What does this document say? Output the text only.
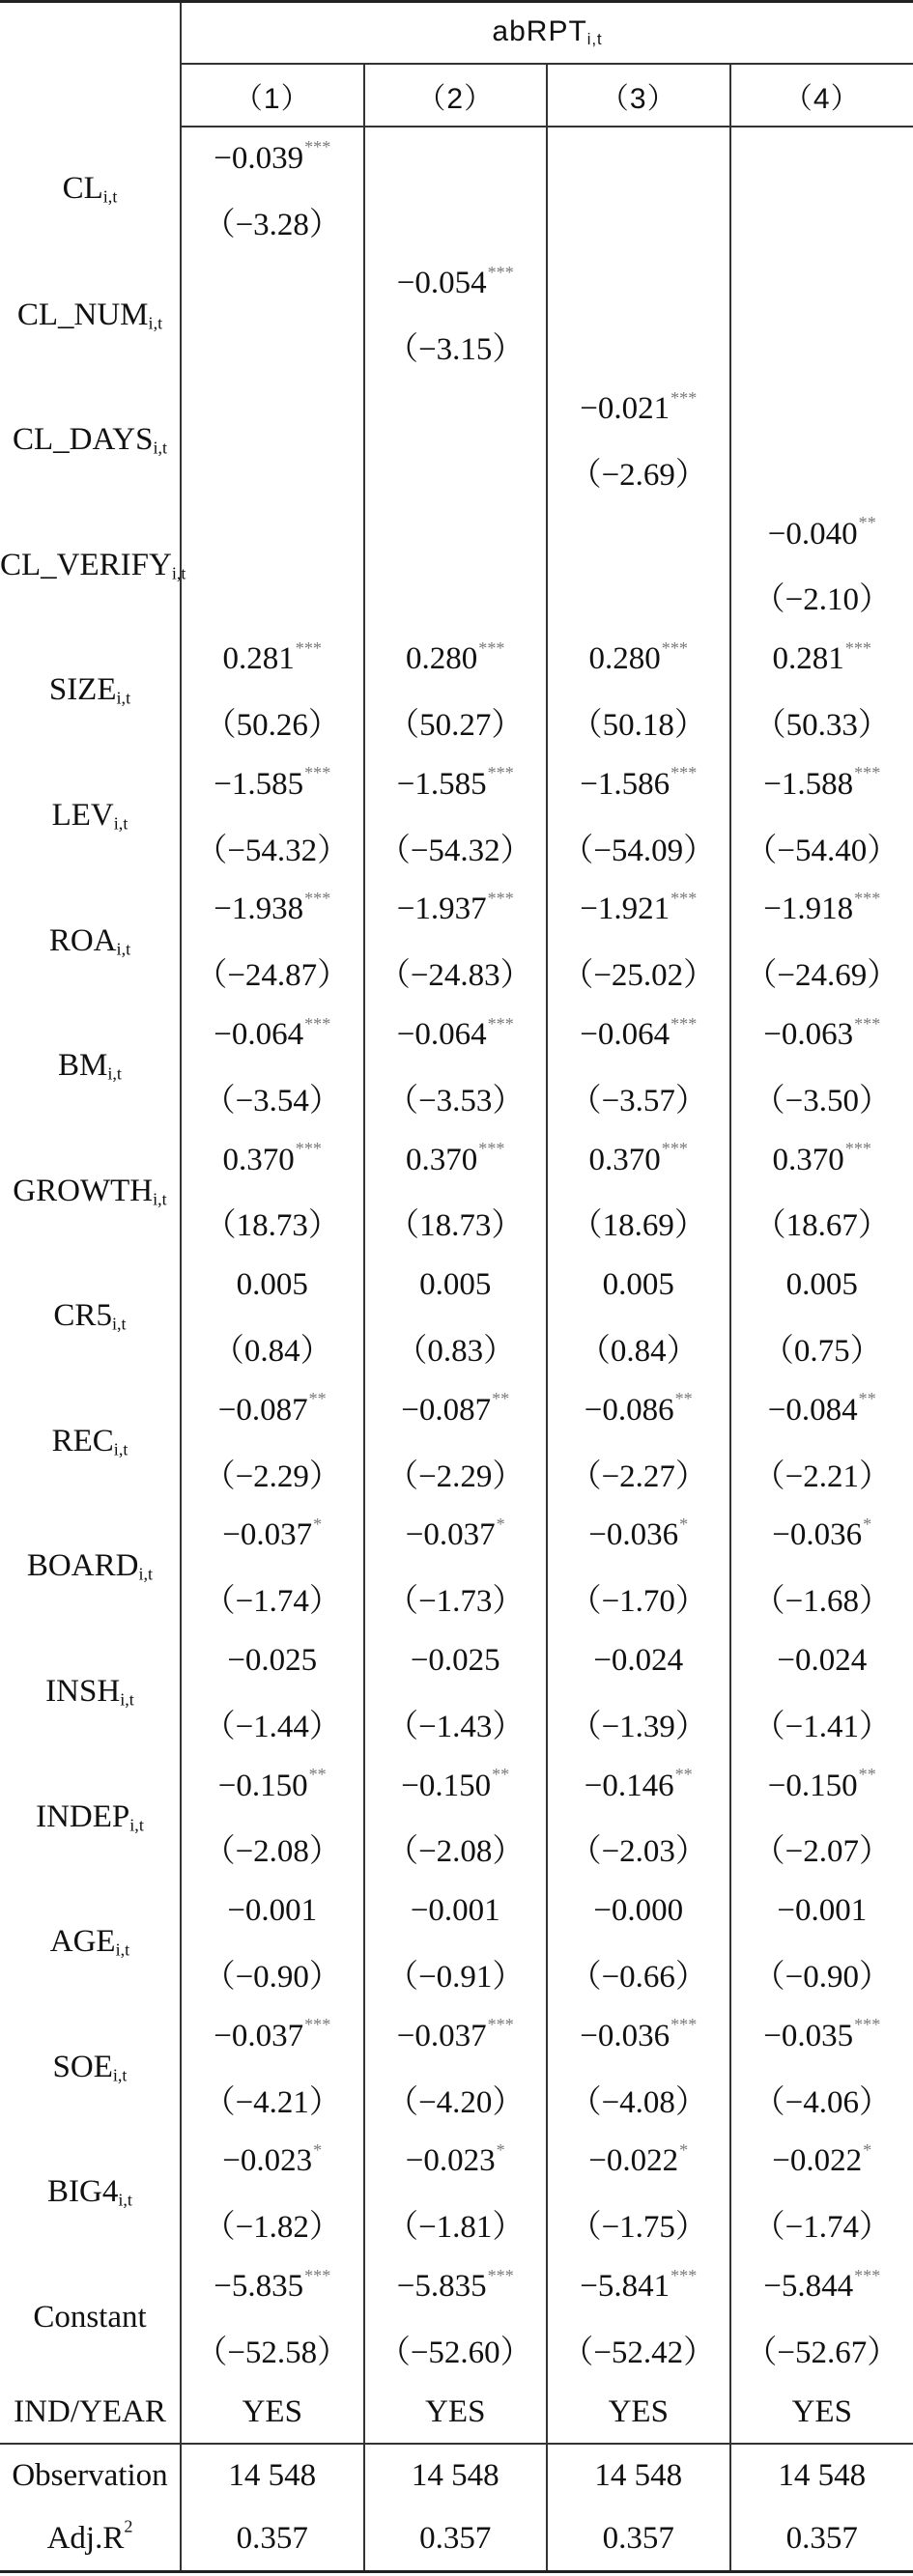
	abRPT$_{i,t}$
	（1）	（2）	（3）	（4）
$CL_{i,t}$	−0.039***			
	（−3.28）			
$CL\_NUM_{i,t}$		−0.054***		
		（−3.15）		
$CL\_DAYS_{i,t}$			−0.021***	
			（−2.69）	
$CL\_VERIFY_{i,t}$				−0.040**
				（−2.10）
$SIZE_{i,t}$	0.281***	0.280***	0.280***	0.281***
	（50.26）	（50.27）	（50.18）	（50.33）
$LEV_{i,t}$	−1.585***	−1.585***	−1.586***	−1.588***
	（−54.32）	（−54.32）	（−54.09）	（−54.40）
$ROA_{i,t}$	−1.938***	−1.937***	−1.921***	−1.918***
	（−24.87）	（−24.83）	（−25.02）	（−24.69）
$BM_{i,t}$	−0.064***	−0.064***	−0.064***	−0.063***
	（−3.54）	（−3.53）	（−3.57）	（−3.50）
$GROWTH_{i,t}$	0.370***	0.370***	0.370***	0.370***
	（18.73）	（18.73）	（18.69）	（18.67）
$CR5_{i,t}$	0.005	0.005	0.005	0.005
	（0.84）	（0.83）	（0.84）	（0.75）
$REC_{i,t}$	−0.087**	−0.087**	−0.086**	−0.084**
	（−2.29）	（−2.29）	（−2.27）	（−2.21）
$BOARD_{i,t}$	−0.037*	−0.037*	−0.036*	−0.036*
	（−1.74）	（−1.73）	（−1.70）	（−1.68）
$INSH_{i,t}$	−0.025	−0.025	−0.024	−0.024
	（−1.44）	（−1.43）	（−1.39）	（−1.41）
$INDEP_{i,t}$	−0.150**	−0.150**	−0.146**	−0.150**
	（−2.08）	（−2.08）	（−2.03）	（−2.07）
$AGE_{i,t}$	−0.001	−0.001	−0.000	−0.001
	（−0.90）	（−0.91）	（−0.66）	（−0.90）
$SOE_{i,t}$	−0.037***	−0.037***	−0.036***	−0.035***
	（−4.21）	（−4.20）	（−4.08）	（−4.06）
$BIG4_{i,t}$	−0.023*	−0.023*	−0.022*	−0.022*
	（−1.82）	（−1.81）	（−1.75）	（−1.74）
Constant	−5.835***	−5.835***	−5.841***	−5.844***
	（−52.58）	（−52.60）	（−52.42）	（−52.67）
IND/YEAR	YES	YES	YES	YES
Observation	14 548	14 548	14 548	14 548
$Adj.R^2$	0.357	0.357	0.357	0.357
